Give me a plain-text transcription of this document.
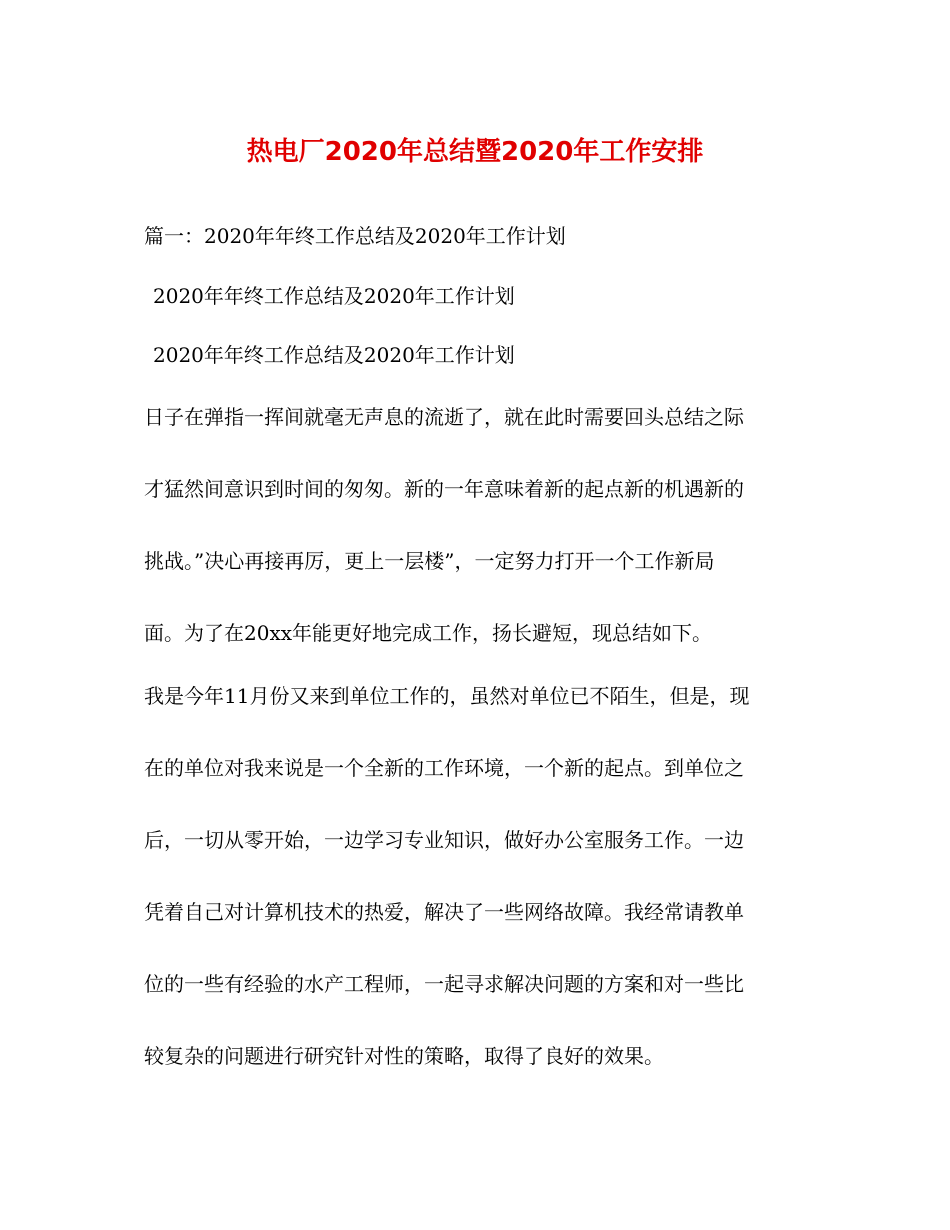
热电厂2020年总结暨2020年工作安排
篇一：2020年年终工作总结及2020年工作计划
2020年年终工作总结及2020年工作计划
2020年年终工作总结及2020年工作计划
日子在弹指一挥间就毫无声息的流逝了，就在此时需要回头总结之际
才猛然间意识到时间的匆匆。新的一年意味着新的起点新的机遇新的
挑战。”决心再接再厉，更上一层楼”，一定努力打开一个工作新局
面。为了在20xx年能更好地完成工作，扬长避短，现总结如下。
我是今年11月份又来到单位工作的，虽然对单位已不陌生，但是，现
在的单位对我来说是一个全新的工作环境，一个新的起点。到单位之
后，一切从零开始，一边学习专业知识，做好办公室服务工作。一边
凭着自己对计算机技术的热爱，解决了一些网络故障。我经常请教单
位的一些有经验的水产工程师，一起寻求解决问题的方案和对一些比
较复杂的问题进行研究针对性的策略，取得了良好的效果。
